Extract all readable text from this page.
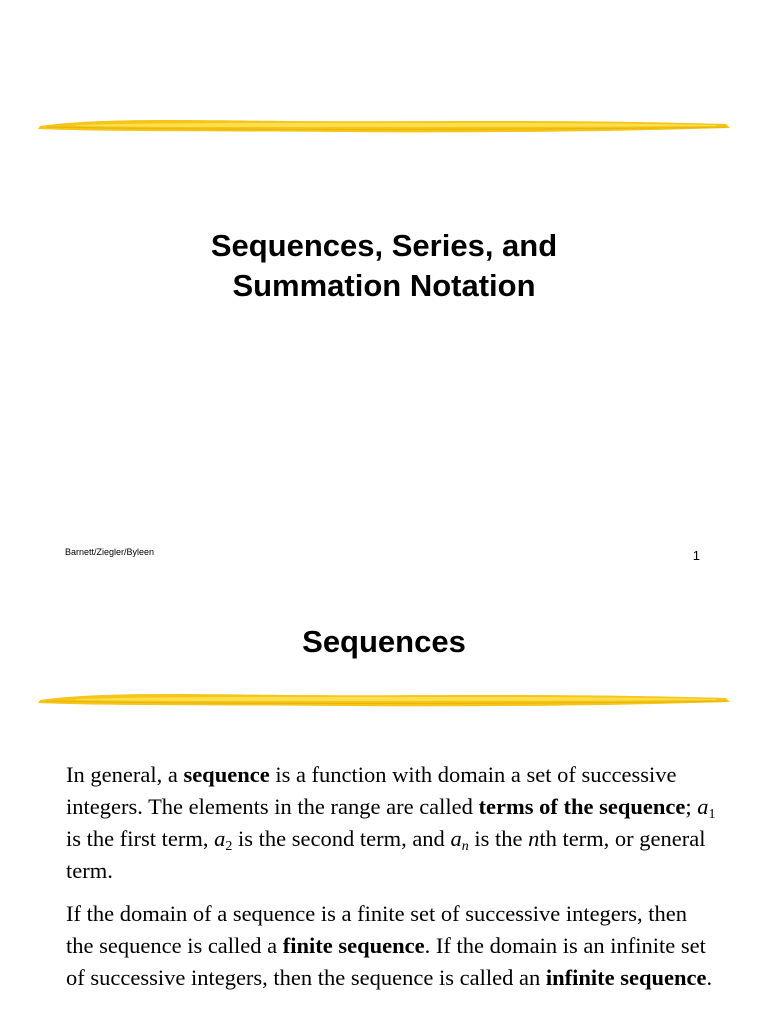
Sequences, Series, and
Summation Notation
Barnett/Ziegler/Byleen	1
Sequences

In general, a sequence is a function with domain a set of successive integers. The elements in the range are called terms of the sequence; $a_1$ is the first term, $a_2$ is the second term, and $a_n$ is the nth term, or general term.

If the domain of a sequence is a finite set of successive integers, then the sequence is called a finite sequence. If the domain is an infinite set of successive integers, then the sequence is called an infinite sequence.
